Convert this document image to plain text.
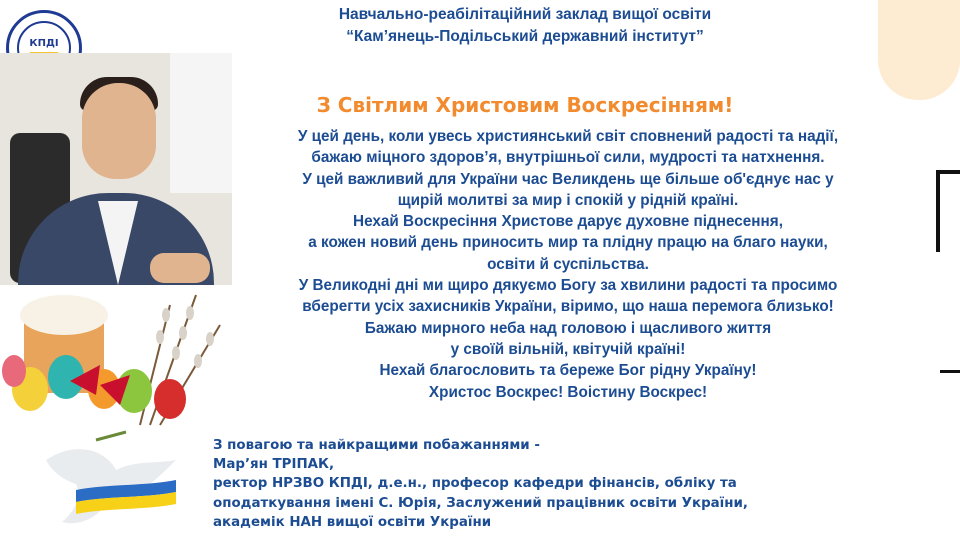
КПДІ
Навчально-реабілітаційний заклад вищої освіти
“Кам’янець-Подільський державний інститут”
З Світлим Христовим Воскресінням!
У цей день, коли увесь християнський світ сповнений радості та надії,
бажаю міцного здоров’я, внутрішньої сили, мудрості та натхнення.
У цей важливий для України час Великдень ще більше об'єднує нас у
щирій молитві за мир і спокій у рідній країні.
Нехай Воскресіння Христове дарує духовне піднесення,
а кожен новий день приносить мир та плідну працю на благо науки,
освіти й суспільства.
У Великодні дні ми щиро дякуємо Богу за хвилини радості та просимо
вберегти усіх захисників України, віримо, що наша перемога близько!
Бажаю мирного неба над головою і щасливого життя
у своїй вільній, квітучій країні!
Нехай благословить та береже Бог рідну Україну!
Христос Воскрес! Воістину Воскрес!
З повагою та найкращими побажаннями -
Мар’ян ТРІПАК,
ректор НРЗВО КПДІ, д.е.н., професор кафедри фінансів, обліку та
оподаткування імені С. Юрія, Заслужений працівник освіти України,
академік НАН вищої освіти України
